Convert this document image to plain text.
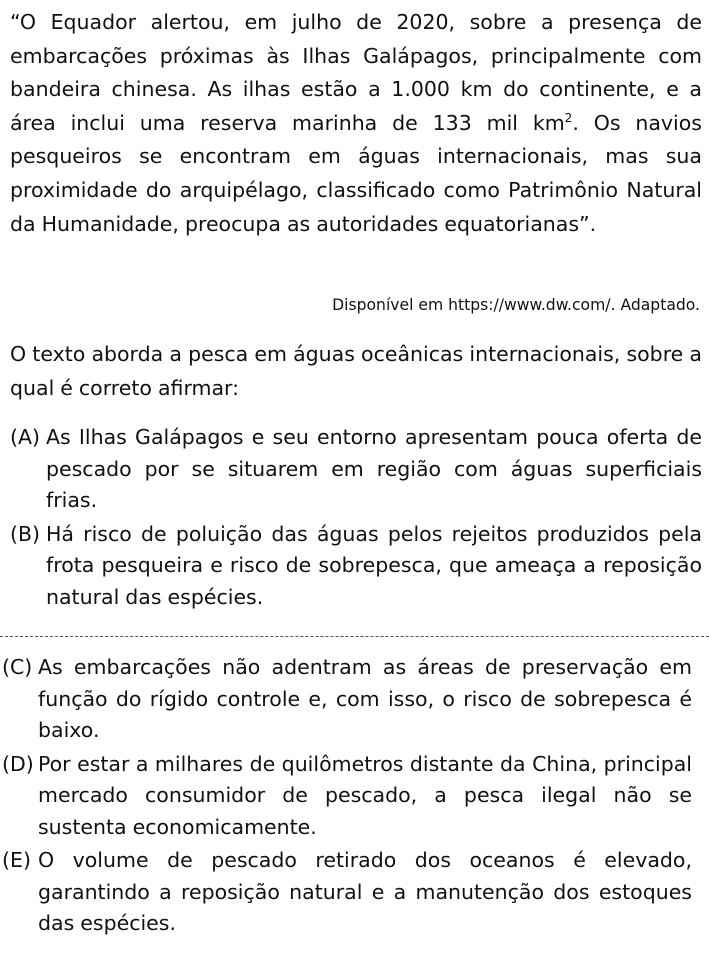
“O Equador alertou, em julho de 2020, sobre a presença de embarcações próximas às Ilhas Galápagos, principalmente com bandeira chinesa. As ilhas estão a 1.000 km do continente, e a área inclui uma reserva marinha de 133 mil $km^2$. Os navios pesqueiros se encontram em águas internacionais, mas sua proximidade do arquipélago, classificado como Patrimônio Natural da Humanidade, preocupa as autoridades equatorianas”.
Disponível em https://www.dw.com/. Adaptado.
O texto aborda a pesca em águas oceânicas internacionais, sobre a qual é correto afirmar:
(A) As Ilhas Galápagos e seu entorno apresentam pouca oferta de pescado por se situarem em região com águas superficiais frias.
(B) Há risco de poluição das águas pelos rejeitos produzidos pela frota pesqueira e risco de sobrepesca, que ameaça a reposição natural das espécies.
(C) As embarcações não adentram as áreas de preservação em função do rígido controle e, com isso, o risco de sobrepesca é baixo.
(D) Por estar a milhares de quilômetros distante da China, principal mercado consumidor de pescado, a pesca ilegal não se sustenta economicamente.
(E) O volume de pescado retirado dos oceanos é elevado, garantindo a reposição natural e a manutenção dos estoques das espécies.
